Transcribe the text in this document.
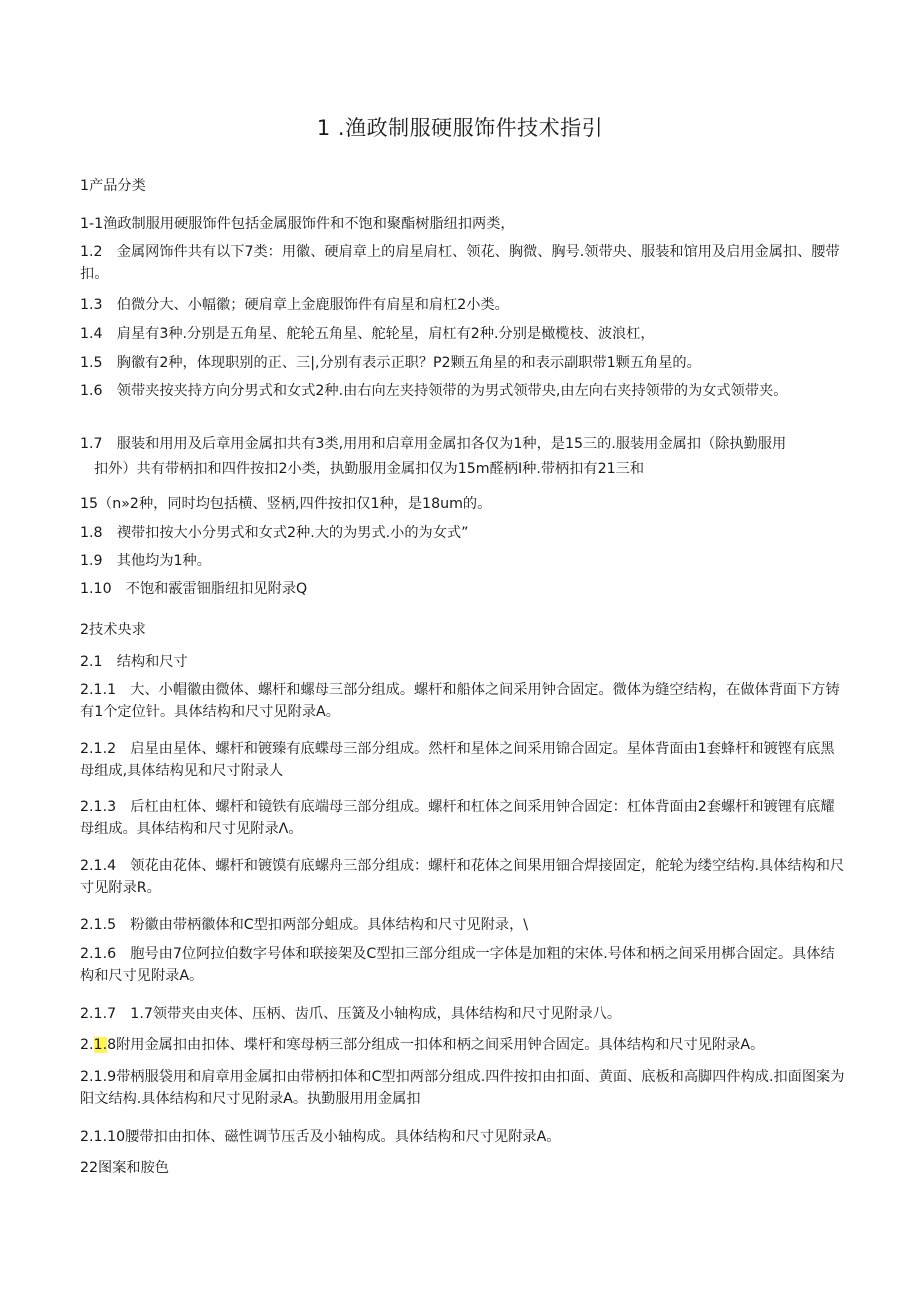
1 .渔政制服硬服饰件技术指引
1产品分类
1-1渔政制服用硬服饰件包括金属服饰件和不饱和聚酯树脂纽扣两类，
1.2　金属网饰件共有以下7类：用徽、硬肩章上的肩星肩杠、领花、胸微、胸号.领带央、服装和馆用及启用金属扣、腰带扣。
1.3　伯微分大、小幅徽；硬肩章上金鹿服饰件有肩星和肩杠2小类。
1.4　肩星有3种.分别是五角星、舵轮五角星、舵轮星，肩杠有2种.分别是橄榄枝、波浪杠，
1.5　胸徽有2种，体现职别的正、三|,分别有表示正职？P2颗五角星的和表示副职带1颗五角星的。
1.6　领带夹按夹持方向分男式和女式2种.由右向左夹持领带的为男式领带央,由左向右夹持领带的为女式领带夹。
1.7　服装和用用及后章用金属扣共有3类,用用和启章用金属扣各仅为1种，是15三的.服装用金属扣（除执勤服用
扣外）共有带柄扣和四件按扣2小类，执勤服用金属扣仅为15m醛柄I种.带柄扣有21三和
15（n»2种，同时均包括横、竖柄,四件按扣仅1种，是18um的。
1.8　禊带扣按大小分男式和女式2种.大的为男式.小的为女式”
1.9　其他均为1种。
1.10　不饱和霰雷钿脂纽扣见附录Q
2技术央求
2.1　结构和尺寸
2.1.1　大、小帽徽由微体、螺杆和螺母三部分组成。螺杆和船体之间采用钟合固定。微体为缝空结构，在做体背面下方铸有1个定位针。具体结构和尺寸见附录A。
2.1.2　启星由星体、螺杆和镀臻有底蝶母三部分组成。然杆和星体之间采用锦合固定。星体背面由1套蜂杆和镀铿有底黑母组成,具体结构见和尺寸附录人
2.1.3　后杠由杠体、螺杆和镜铁有底端母三部分组成。螺杆和杠体之间采用钟合固定：杠体背面由2套螺杆和镀锂有底耀母组成。具体结构和尺寸见附录Λ。
2.1.4　领花由花体、螺杆和镀馍有底螺舟三部分组成：螺杆和花体之间果用钿合焊接固定，舵轮为缕空结构.具体结构和尺寸见附录R。
2.1.5　粉徽由带柄徽体和C型扣两部分蛆成。具体结构和尺寸见附录，\
2.1.6　胞号由7位阿拉伯数字号体和联接架及C型扣三部分组成一字体是加粗的宋体.号体和柄之间采用梆合固定。具体结构和尺寸见附录A。
2.1.7　1.7领带夹由夹体、压柄、齿爪、压簧及小轴构成，具体结构和尺寸见附录八。
2.1.8附用金属扣由扣体、堞杆和寒母柄三部分组成一扣体和柄之间采用钟合固定。具体结构和尺寸见附录A。
2.1.9带柄服袋用和肩章用金属扣由带柄扣体和C型扣两部分组成.四件按扣由扣面、黄面、底板和高脚四件构成.扣面图案为阳文结构.具体结构和尺寸见附录A。执勤服用用金属扣
2.1.10腰带扣由扣体、磁性调节压舌及小轴构成。具体结构和尺寸见附录A。
22图案和胺色
